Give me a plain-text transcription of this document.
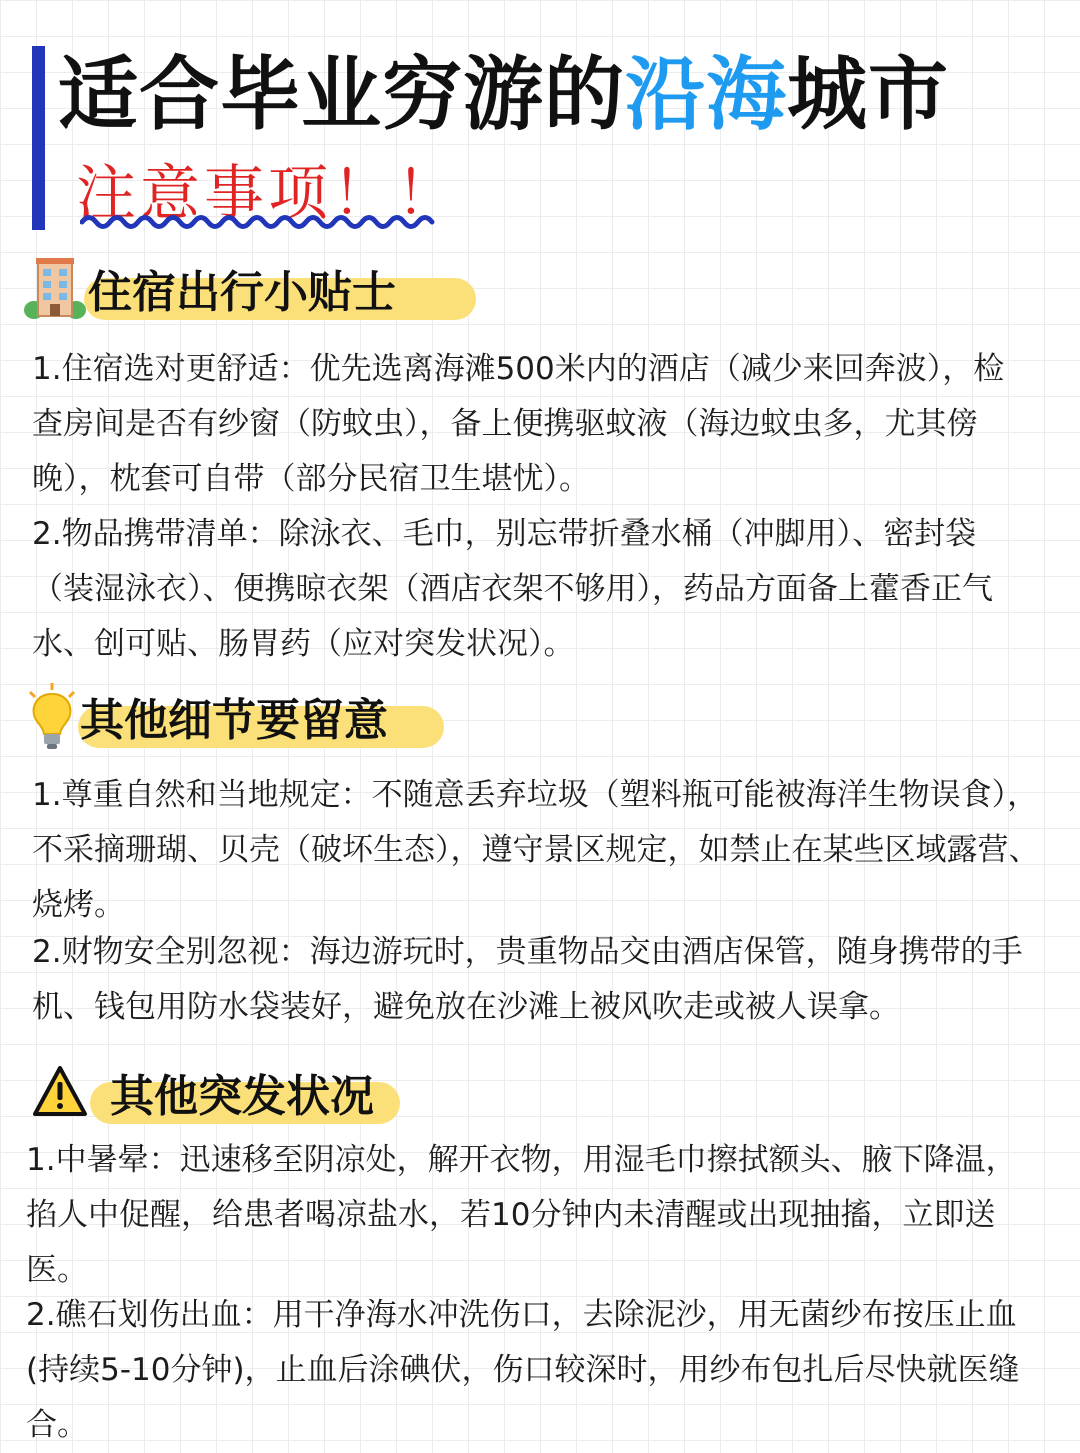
适合毕业穷游的沿海城市
注意事项！！
住宿出行小贴士

1.住宿选对更舒适：优先选离海滩500米内的酒店（减少来回奔波），检查房间是否有纱窗（防蚊虫），备上便携驱蚊液（海边蚊虫多，尤其傍晚），枕套可自带（部分民宿卫生堪忧）。

2.物品携带清单：除泳衣、毛巾，别忘带折叠水桶（冲脚用）、密封袋（装湿泳衣）、便携晾衣架（酒店衣架不够用），药品方面备上藿香正气水、创可贴、肠胃药（应对突发状况）。

其他细节要留意

1.尊重自然和当地规定：不随意丢弃垃圾（塑料瓶可能被海洋生物误食），不采摘珊瑚、贝壳（破坏生态），遵守景区规定，如禁止在某些区域露营、烧烤。

2.财物安全别忽视：海边游玩时，贵重物品交由酒店保管，随身携带的手机、钱包用防水袋装好，避免放在沙滩上被风吹走或被人误拿。

其他突发状况

1.中暑晕：迅速移至阴凉处，解开衣物，用湿毛巾擦拭额头、腋下降温，掐人中促醒，给患者喝凉盐水，若10分钟内未清醒或出现抽搐，立即送医。

2.礁石划伤出血：用干净海水冲洗伤口，去除泥沙，用无菌纱布按压止血(持续5-10分钟)，止血后涂碘伏，伤口较深时，用纱布包扎后尽快就医缝合。
